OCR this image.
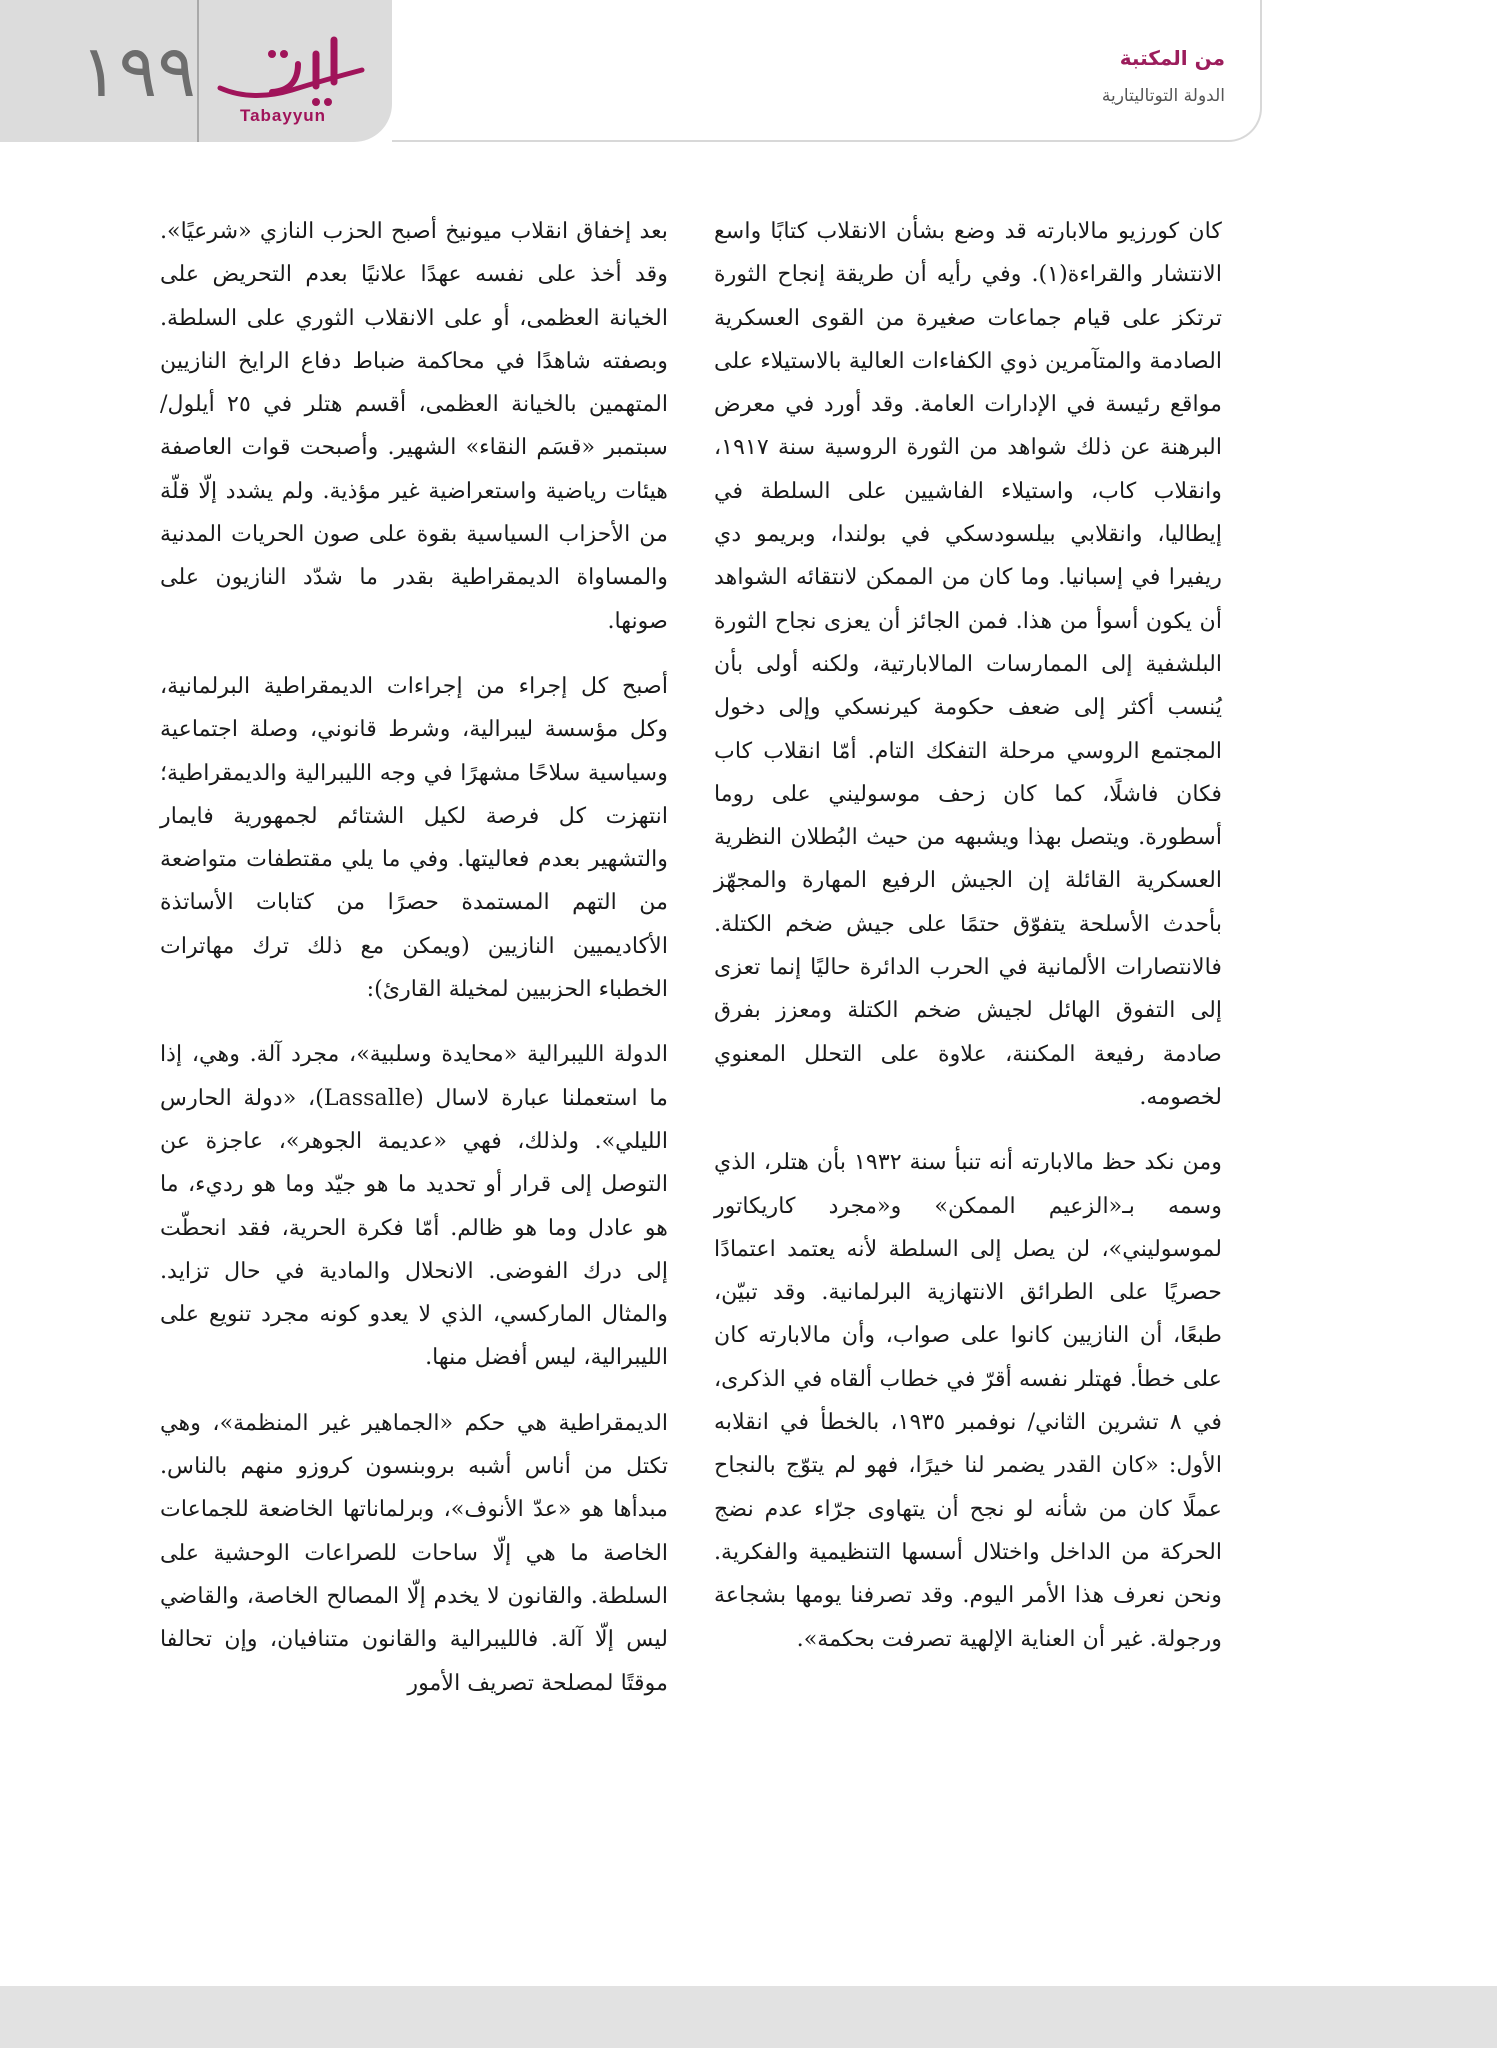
١٩٩
Tabayyun
من المكتبة
الدولة التوتاليتارية

كان كورزيو مالابارته قد وضع بشأن الانقلاب كتابًا واسع الانتشار والقراءة(١). وفي رأيه أن طريقة إنجاح الثورة ترتكز على قيام جماعات صغيرة من القوى العسكرية الصادمة والمتآمرين ذوي الكفاءات العالية بالاستيلاء على مواقع رئيسة في الإدارات العامة. وقد أورد في معرض البرهنة عن ذلك شواهد من الثورة الروسية سنة ١٩١٧، وانقلاب كاب، واستيلاء الفاشيين على السلطة في إيطاليا، وانقلابي بيلسودسكي في بولندا، وبريمو دي ريفيرا في إسبانيا. وما كان من الممكن لانتقائه الشواهد أن يكون أسوأ من هذا. فمن الجائز أن يعزى نجاح الثورة البلشفية إلى الممارسات المالابارتية، ولكنه أولى بأن يُنسب أكثر إلى ضعف حكومة كيرنسكي وإلى دخول المجتمع الروسي مرحلة التفكك التام. أمّا انقلاب كاب فكان فاشلًا، كما كان زحف موسوليني على روما أسطورة. ويتصل بهذا ويشبهه من حيث البُطلان النظرية العسكرية القائلة إن الجيش الرفيع المهارة والمجهّز بأحدث الأسلحة يتفوّق حتمًا على جيش ضخم الكتلة. فالانتصارات الألمانية في الحرب الدائرة حاليًا إنما تعزى إلى التفوق الهائل لجيش ضخم الكتلة ومعزز بفرق صادمة رفيعة المكننة، علاوة على التحلل المعنوي لخصومه.

ومن نكد حظ مالابارته أنه تنبأ سنة ١٩٣٢ بأن هتلر، الذي وسمه بـ«الزعيم الممكن» و«مجرد كاريكاتور لموسوليني»، لن يصل إلى السلطة لأنه يعتمد اعتمادًا حصريًا على الطرائق الانتهازية البرلمانية. وقد تبيّن، طبعًا، أن النازيين كانوا على صواب، وأن مالابارته كان على خطأ. فهتلر نفسه أقرّ في خطاب ألقاه في الذكرى، في ٨ تشرين الثاني/ نوفمبر ١٩٣٥، بالخطأ في انقلابه الأول: «كان القدر يضمر لنا خيرًا، فهو لم يتوّج بالنجاح عملًا كان من شأنه لو نجح أن يتهاوى جرّاء عدم نضج الحركة من الداخل واختلال أسسها التنظيمية والفكرية. ونحن نعرف هذا الأمر اليوم. وقد تصرفنا يومها بشجاعة ورجولة. غير أن العناية الإلهية تصرفت بحكمة».

بعد إخفاق انقلاب ميونيخ أصبح الحزب النازي «شرعيًا». وقد أخذ على نفسه عهدًا علانيًا بعدم التحريض على الخيانة العظمى، أو على الانقلاب الثوري على السلطة. وبصفته شاهدًا في محاكمة ضباط دفاع الرايخ النازيين المتهمين بالخيانة العظمى، أقسم هتلر في ٢٥ أيلول/ سبتمبر «قسَم النقاء» الشهير. وأصبحت قوات العاصفة هيئات رياضية واستعراضية غير مؤذية. ولم يشدد إلّا قلّة من الأحزاب السياسية بقوة على صون الحريات المدنية والمساواة الديمقراطية بقدر ما شدّد النازيون على صونها.

أصبح كل إجراء من إجراءات الديمقراطية البرلمانية، وكل مؤسسة ليبرالية، وشرط قانوني، وصلة اجتماعية وسياسية سلاحًا مشهرًا في وجه الليبرالية والديمقراطية؛ انتهزت كل فرصة لكيل الشتائم لجمهورية فايمار والتشهير بعدم فعاليتها. وفي ما يلي مقتطفات متواضعة من التهم المستمدة حصرًا من كتابات الأساتذة الأكاديميين النازيين (ويمكن مع ذلك ترك مهاترات الخطباء الحزبيين لمخيلة القارئ):

الدولة الليبرالية «محايدة وسلبية»، مجرد آلة. وهي، إذا ما استعملنا عبارة لاسال (Lassalle)، «دولة الحارس الليلي». ولذلك، فهي «عديمة الجوهر»، عاجزة عن التوصل إلى قرار أو تحديد ما هو جيّد وما هو رديء، ما هو عادل وما هو ظالم. أمّا فكرة الحرية، فقد انحطّت إلى درك الفوضى. الانحلال والمادية في حال تزايد. والمثال الماركسي، الذي لا يعدو كونه مجرد تنويع على الليبرالية، ليس أفضل منها.

الديمقراطية هي حكم «الجماهير غير المنظمة»، وهي تكتل من أناس أشبه بروبنسون كروزو منهم بالناس. مبدأها هو «عدّ الأنوف»، وبرلماناتها الخاضعة للجماعات الخاصة ما هي إلّا ساحات للصراعات الوحشية على السلطة. والقانون لا يخدم إلّا المصالح الخاصة، والقاضي ليس إلّا آلة. فالليبرالية والقانون متنافيان، وإن تحالفا موقتًا لمصلحة تصريف الأمور
